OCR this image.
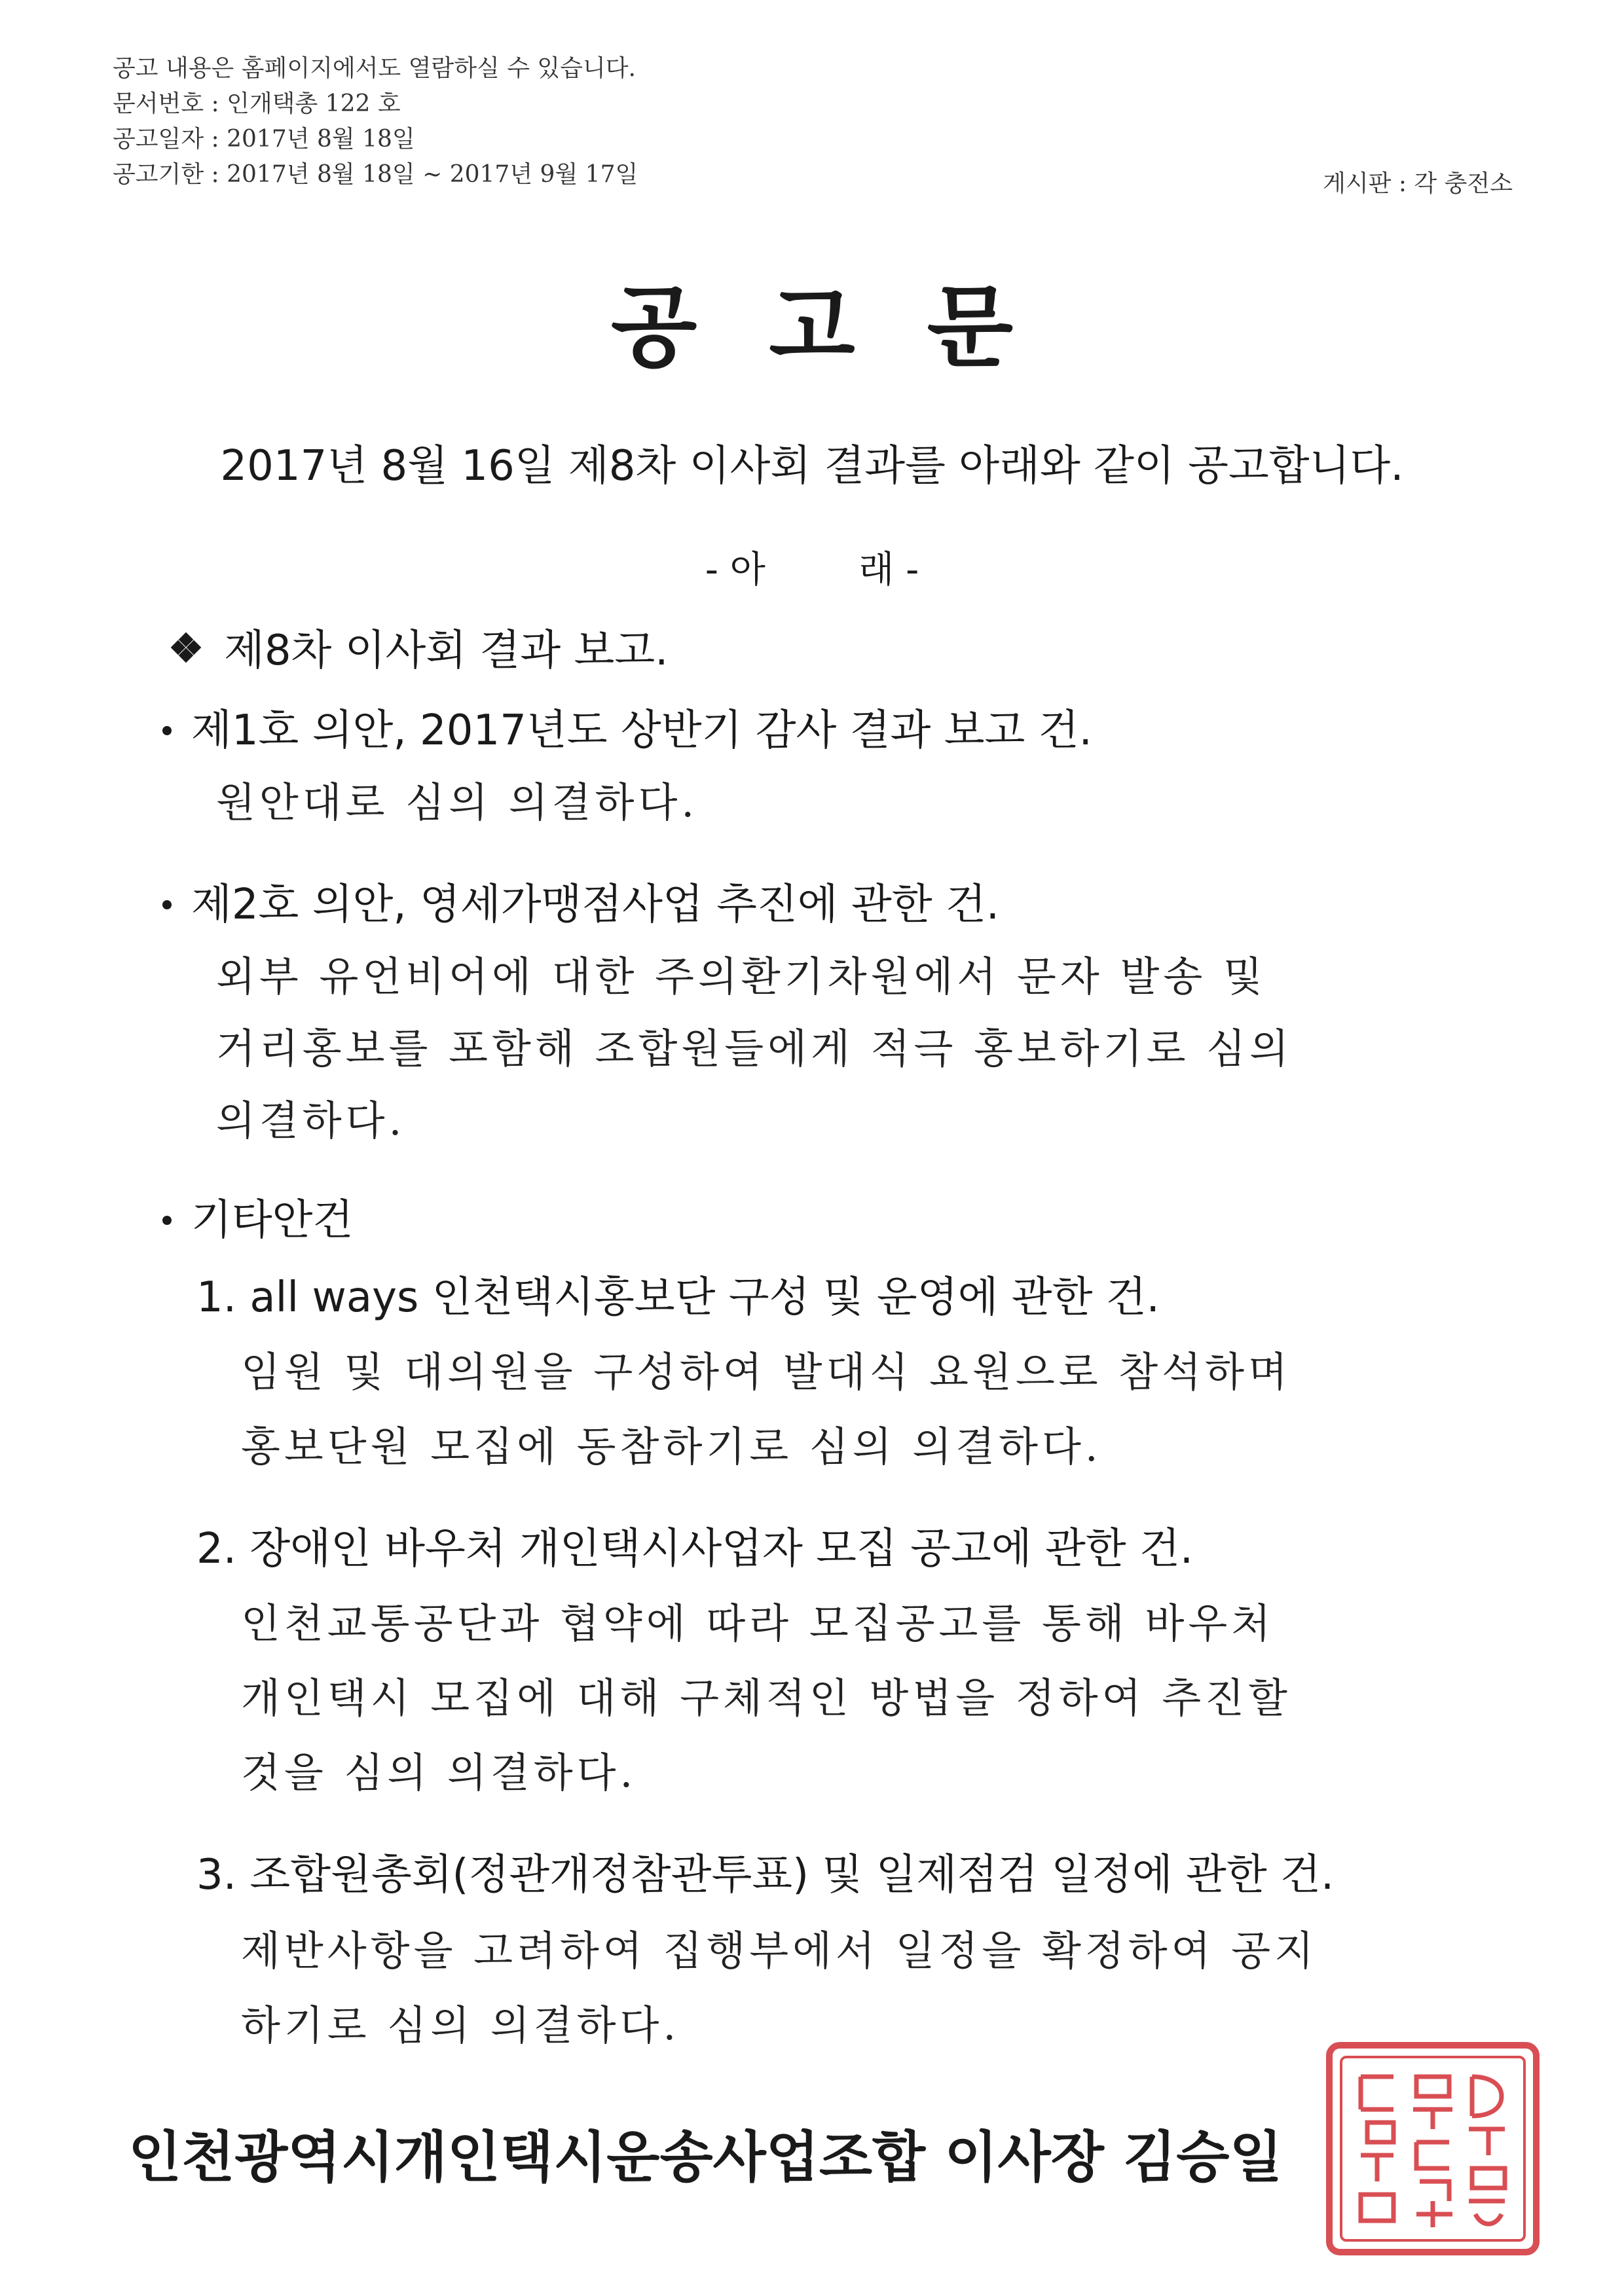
공고 내용은 홈페이지에서도 열람하실 수 있습니다.
문서번호 : 인개택총 122 호
공고일자 : 2017년 8월 18일
공고기한 : 2017년 8월 18일 ~ 2017년 9월 17일	게시판 : 각 충전소
공고문
2017년 8월 16일 제8차 이사회 결과를 아래와 같이 공고합니다.
- 아        래 -
제8차 이사회 결과 보고.
제1호 의안, 2017년도 상반기 감사 결과 보고 건.
원안대로 심의 의결하다.
제2호 의안, 영세가맹점사업 추진에 관한 건.
외부 유언비어에 대한 주의환기차원에서 문자 발송 및
거리홍보를 포함해 조합원들에게 적극 홍보하기로 심의
의결하다.
기타안건
1. all ways 인천택시홍보단 구성 및 운영에 관한 건.
임원 및 대의원을 구성하여 발대식 요원으로 참석하며
홍보단원 모집에 동참하기로 심의 의결하다.
2. 장애인 바우처 개인택시사업자 모집 공고에 관한 건.
인천교통공단과 협약에 따라 모집공고를 통해 바우처
개인택시 모집에 대해 구체적인 방법을 정하여 추진할
것을 심의 의결하다.
3. 조합원총회(정관개정참관투표) 및 일제점검 일정에 관한 건.
제반사항을 고려하여 집행부에서 일정을 확정하여 공지
하기로 심의 의결하다.
인천광역시개인택시운송사업조합 이사장 김승일
